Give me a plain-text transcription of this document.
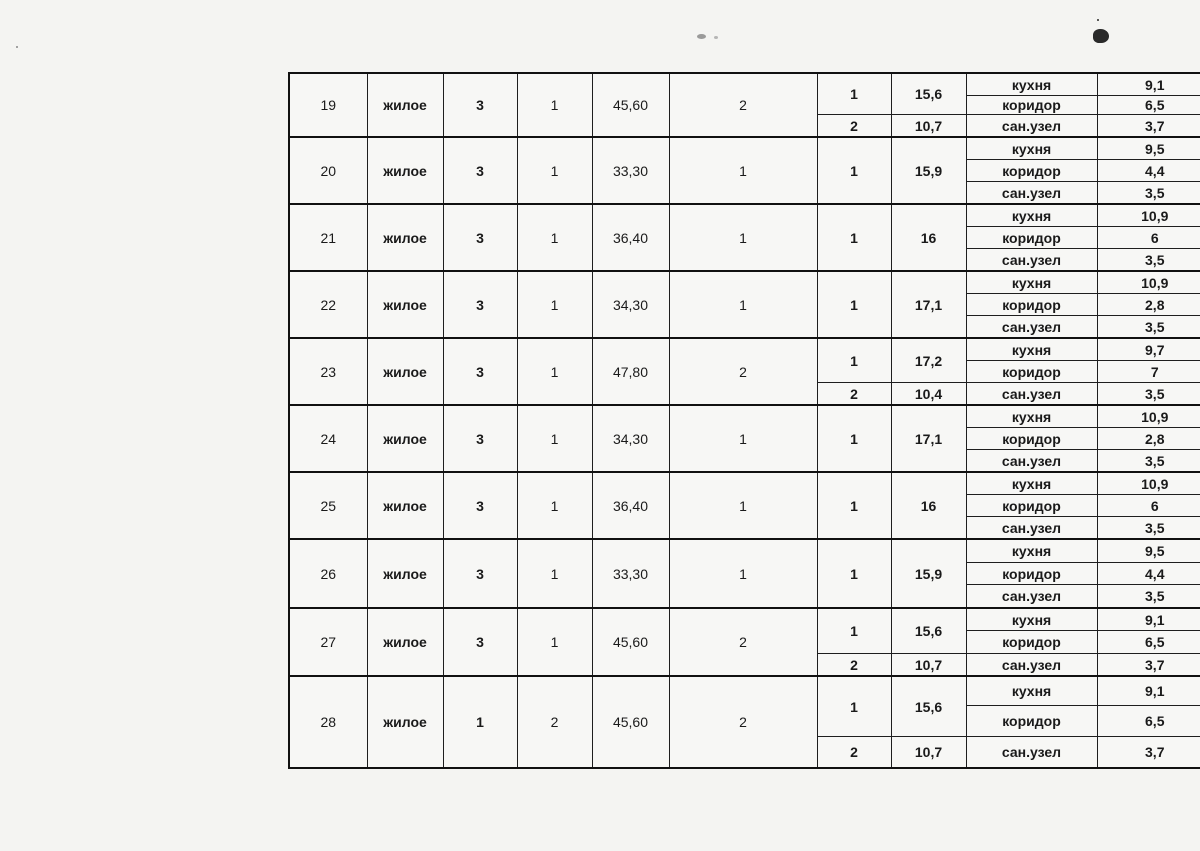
19	жилое	3	1	45,60	2	1	15,6	кухня	9,1
								коридор	6,5
						2	10,7	сан.узел	3,7
20	жилое	3	1	33,30	1	1	15,9	кухня	9,5
								коридор	4,4
								сан.узел	3,5
21	жилое	3	1	36,40	1	1	16	кухня	10,9
								коридор	6
								сан.узел	3,5
22	жилое	3	1	34,30	1	1	17,1	кухня	10,9
								коридор	2,8
								сан.узел	3,5
23	жилое	3	1	47,80	2	1	17,2	кухня	9,7
								коридор	7
						2	10,4	сан.узел	3,5
24	жилое	3	1	34,30	1	1	17,1	кухня	10,9
								коридор	2,8
								сан.узел	3,5
25	жилое	3	1	36,40	1	1	16	кухня	10,9
								коридор	6
								сан.узел	3,5
26	жилое	3	1	33,30	1	1	15,9	кухня	9,5
								коридор	4,4
								сан.узел	3,5
27	жилое	3	1	45,60	2	1	15,6	кухня	9,1
								коридор	6,5
						2	10,7	сан.узел	3,7
28	жилое	1	2	45,60	2	1	15,6	кухня	9,1
								коридор	6,5
						2	10,7	сан.узел	3,7
